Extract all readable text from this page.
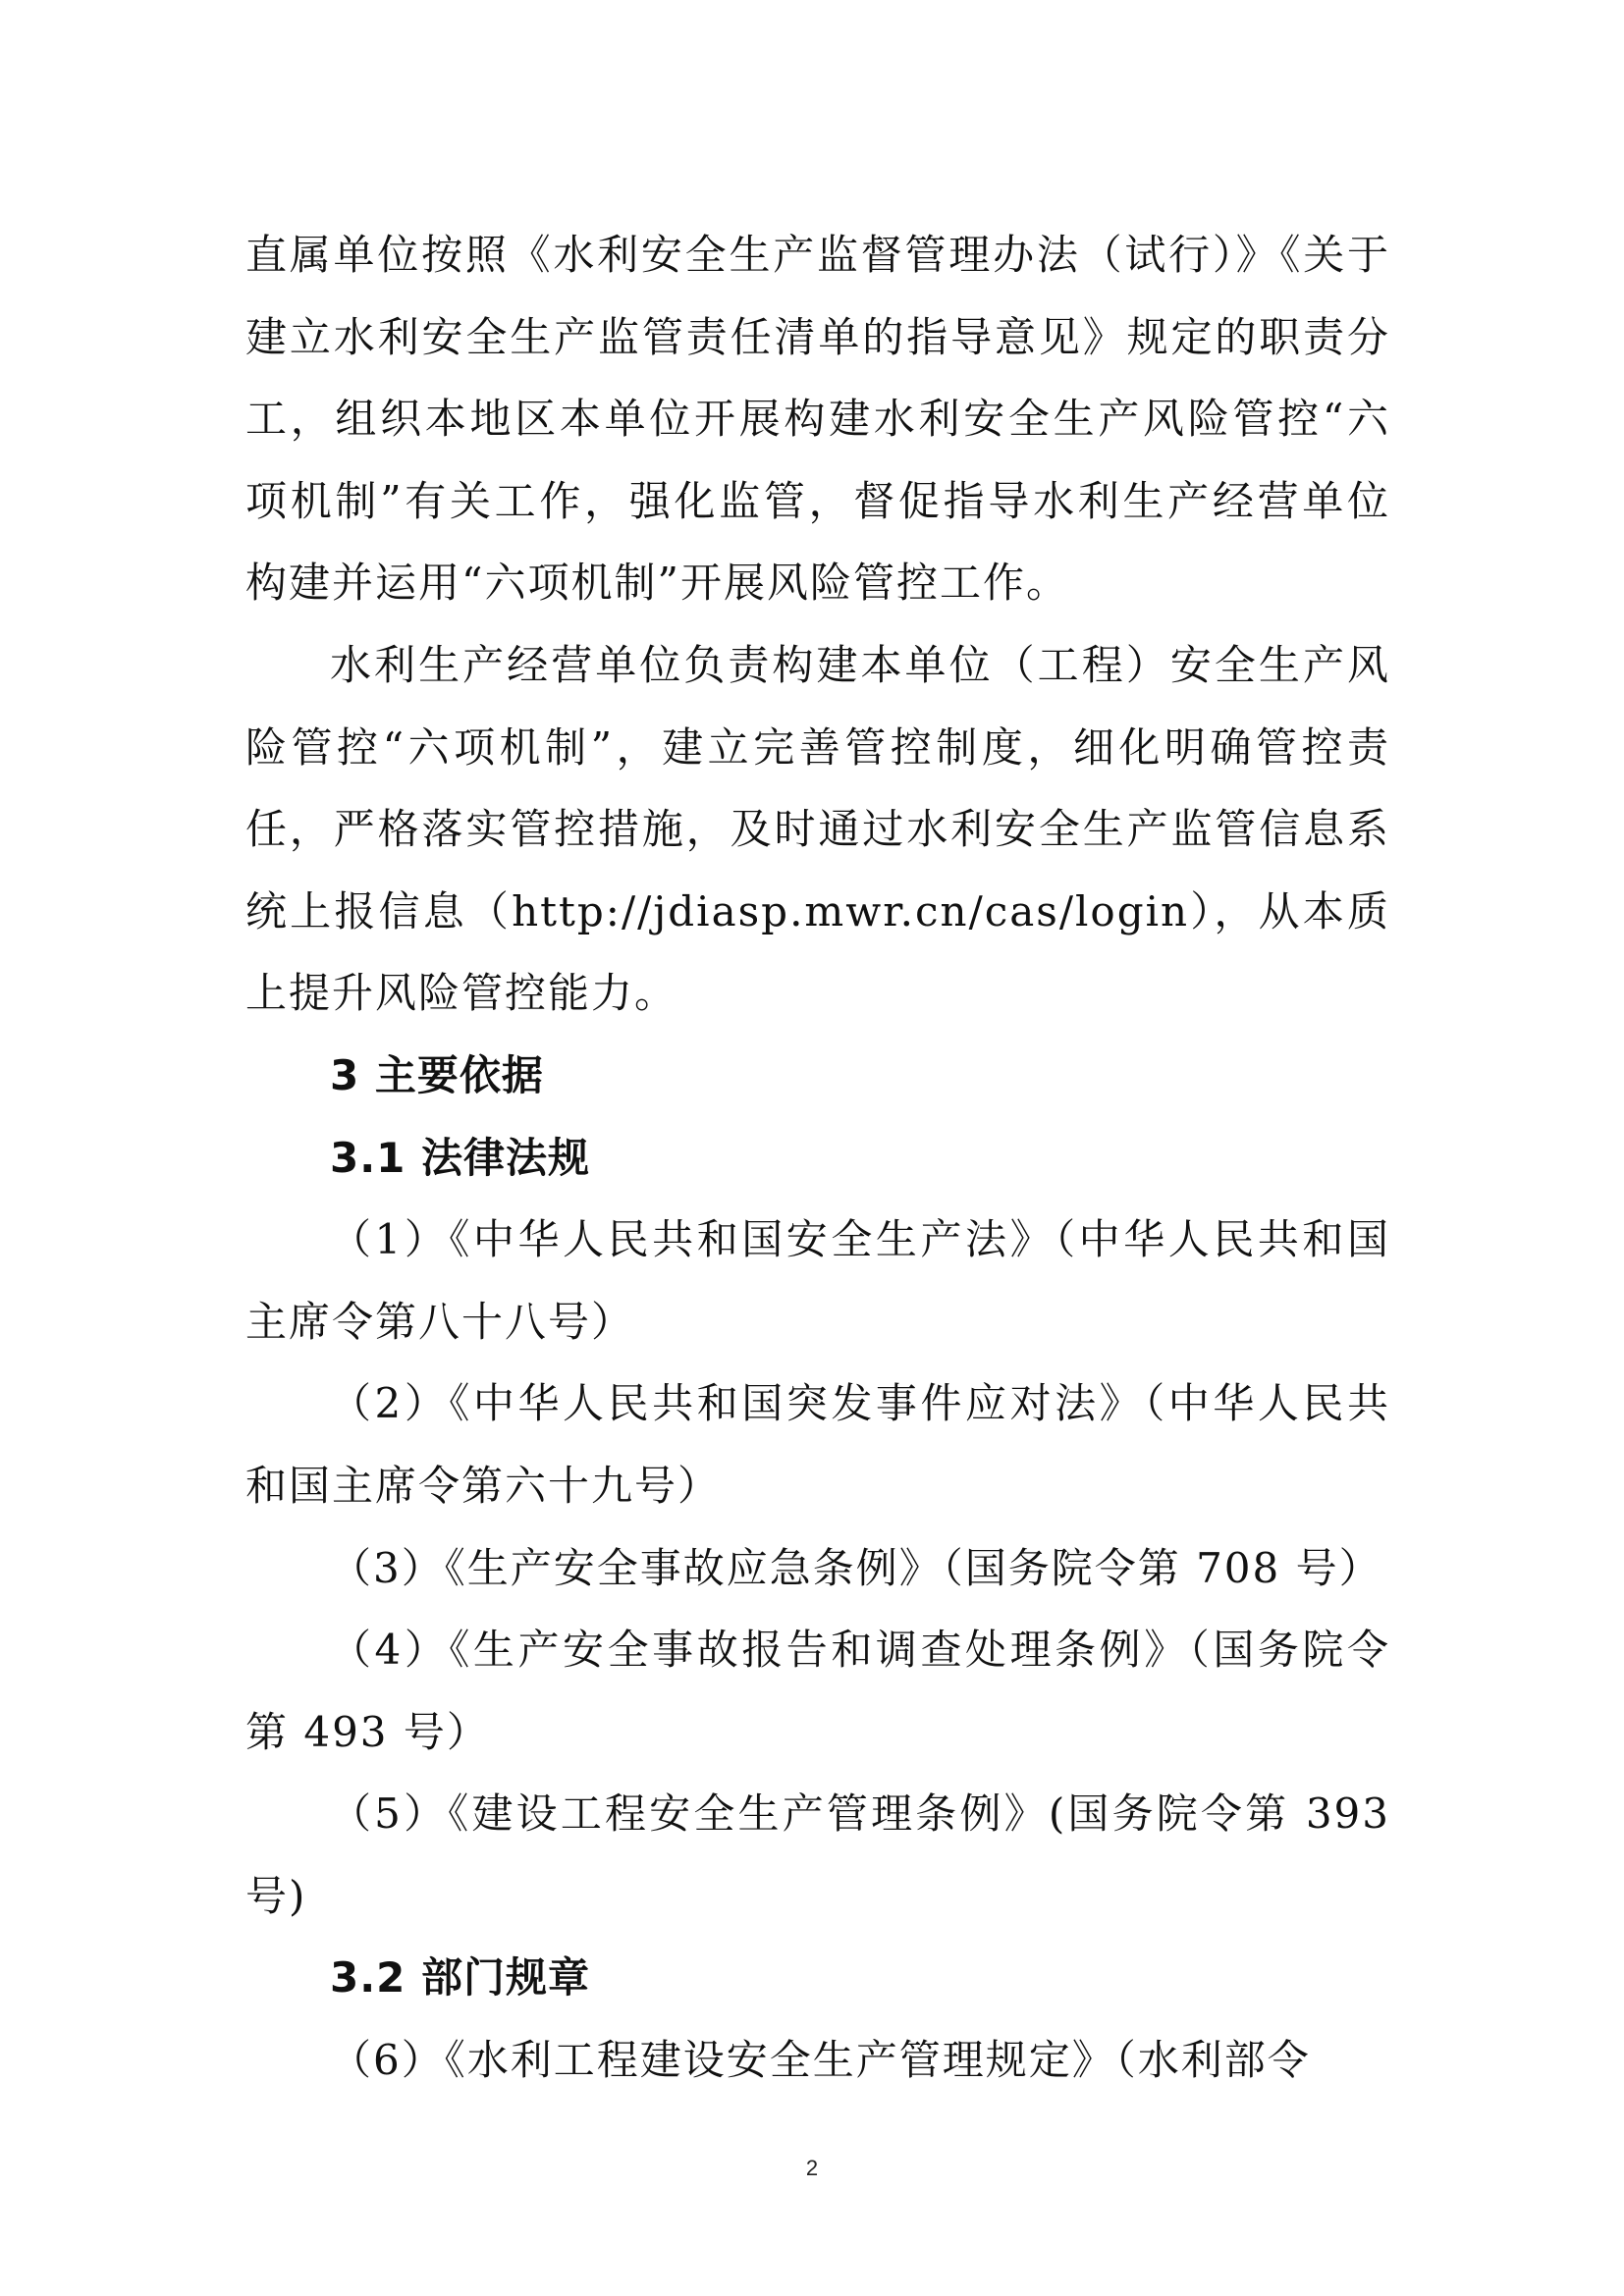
直属单位按照《水利安全生产监督管理办法（试行）》《关于建立水利安全生产监管责任清单的指导意见》规定的职责分工，组织本地区本单位开展构建水利安全生产风险管控“六项机制”有关工作，强化监管，督促指导水利生产经营单位构建并运用“六项机制”开展风险管控工作。

水利生产经营单位负责构建本单位（工程）安全生产风险管控“六项机制”，建立完善管控制度，细化明确管控责任，严格落实管控措施，及时通过水利安全生产监管信息系统上报信息（http://jdiasp.mwr.cn/cas/login），从本质上提升风险管控能力。

3 主要依据

3.1 法律法规

（1）《中华人民共和国安全生产法》（中华人民共和国主席令第八十八号）

（2）《中华人民共和国突发事件应对法》（中华人民共和国主席令第六十九号）

（3）《生产安全事故应急条例》（国务院令第 708 号）

（4）《生产安全事故报告和调查处理条例》（国务院令第 493 号）

（5）《建设工程安全生产管理条例》(国务院令第 393号)

3.2 部门规章

（6）《水利工程建设安全生产管理规定》（水利部令

2
